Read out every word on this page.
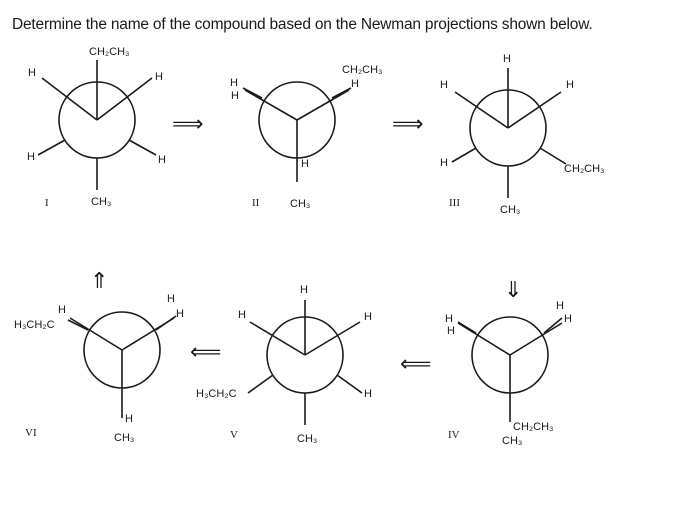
Determine the name of the compound based on the Newman projections shown below.
⟹	⟹
⇓
⟸
⟸
⇑
I	II	III
IV
V
VI
CH₂CH₃
H	H
H	H
CH₃
H
CH₂CH₃
H
H
H
CH₃
H
H	H
H	CH₂CH₃
CH₃
H
H₃CH₂C
H
H
H
CH₃
H
H	H
H₃CH₂C	H
CH₃
H
H
H
H
CH₂CH₃
CH₃
